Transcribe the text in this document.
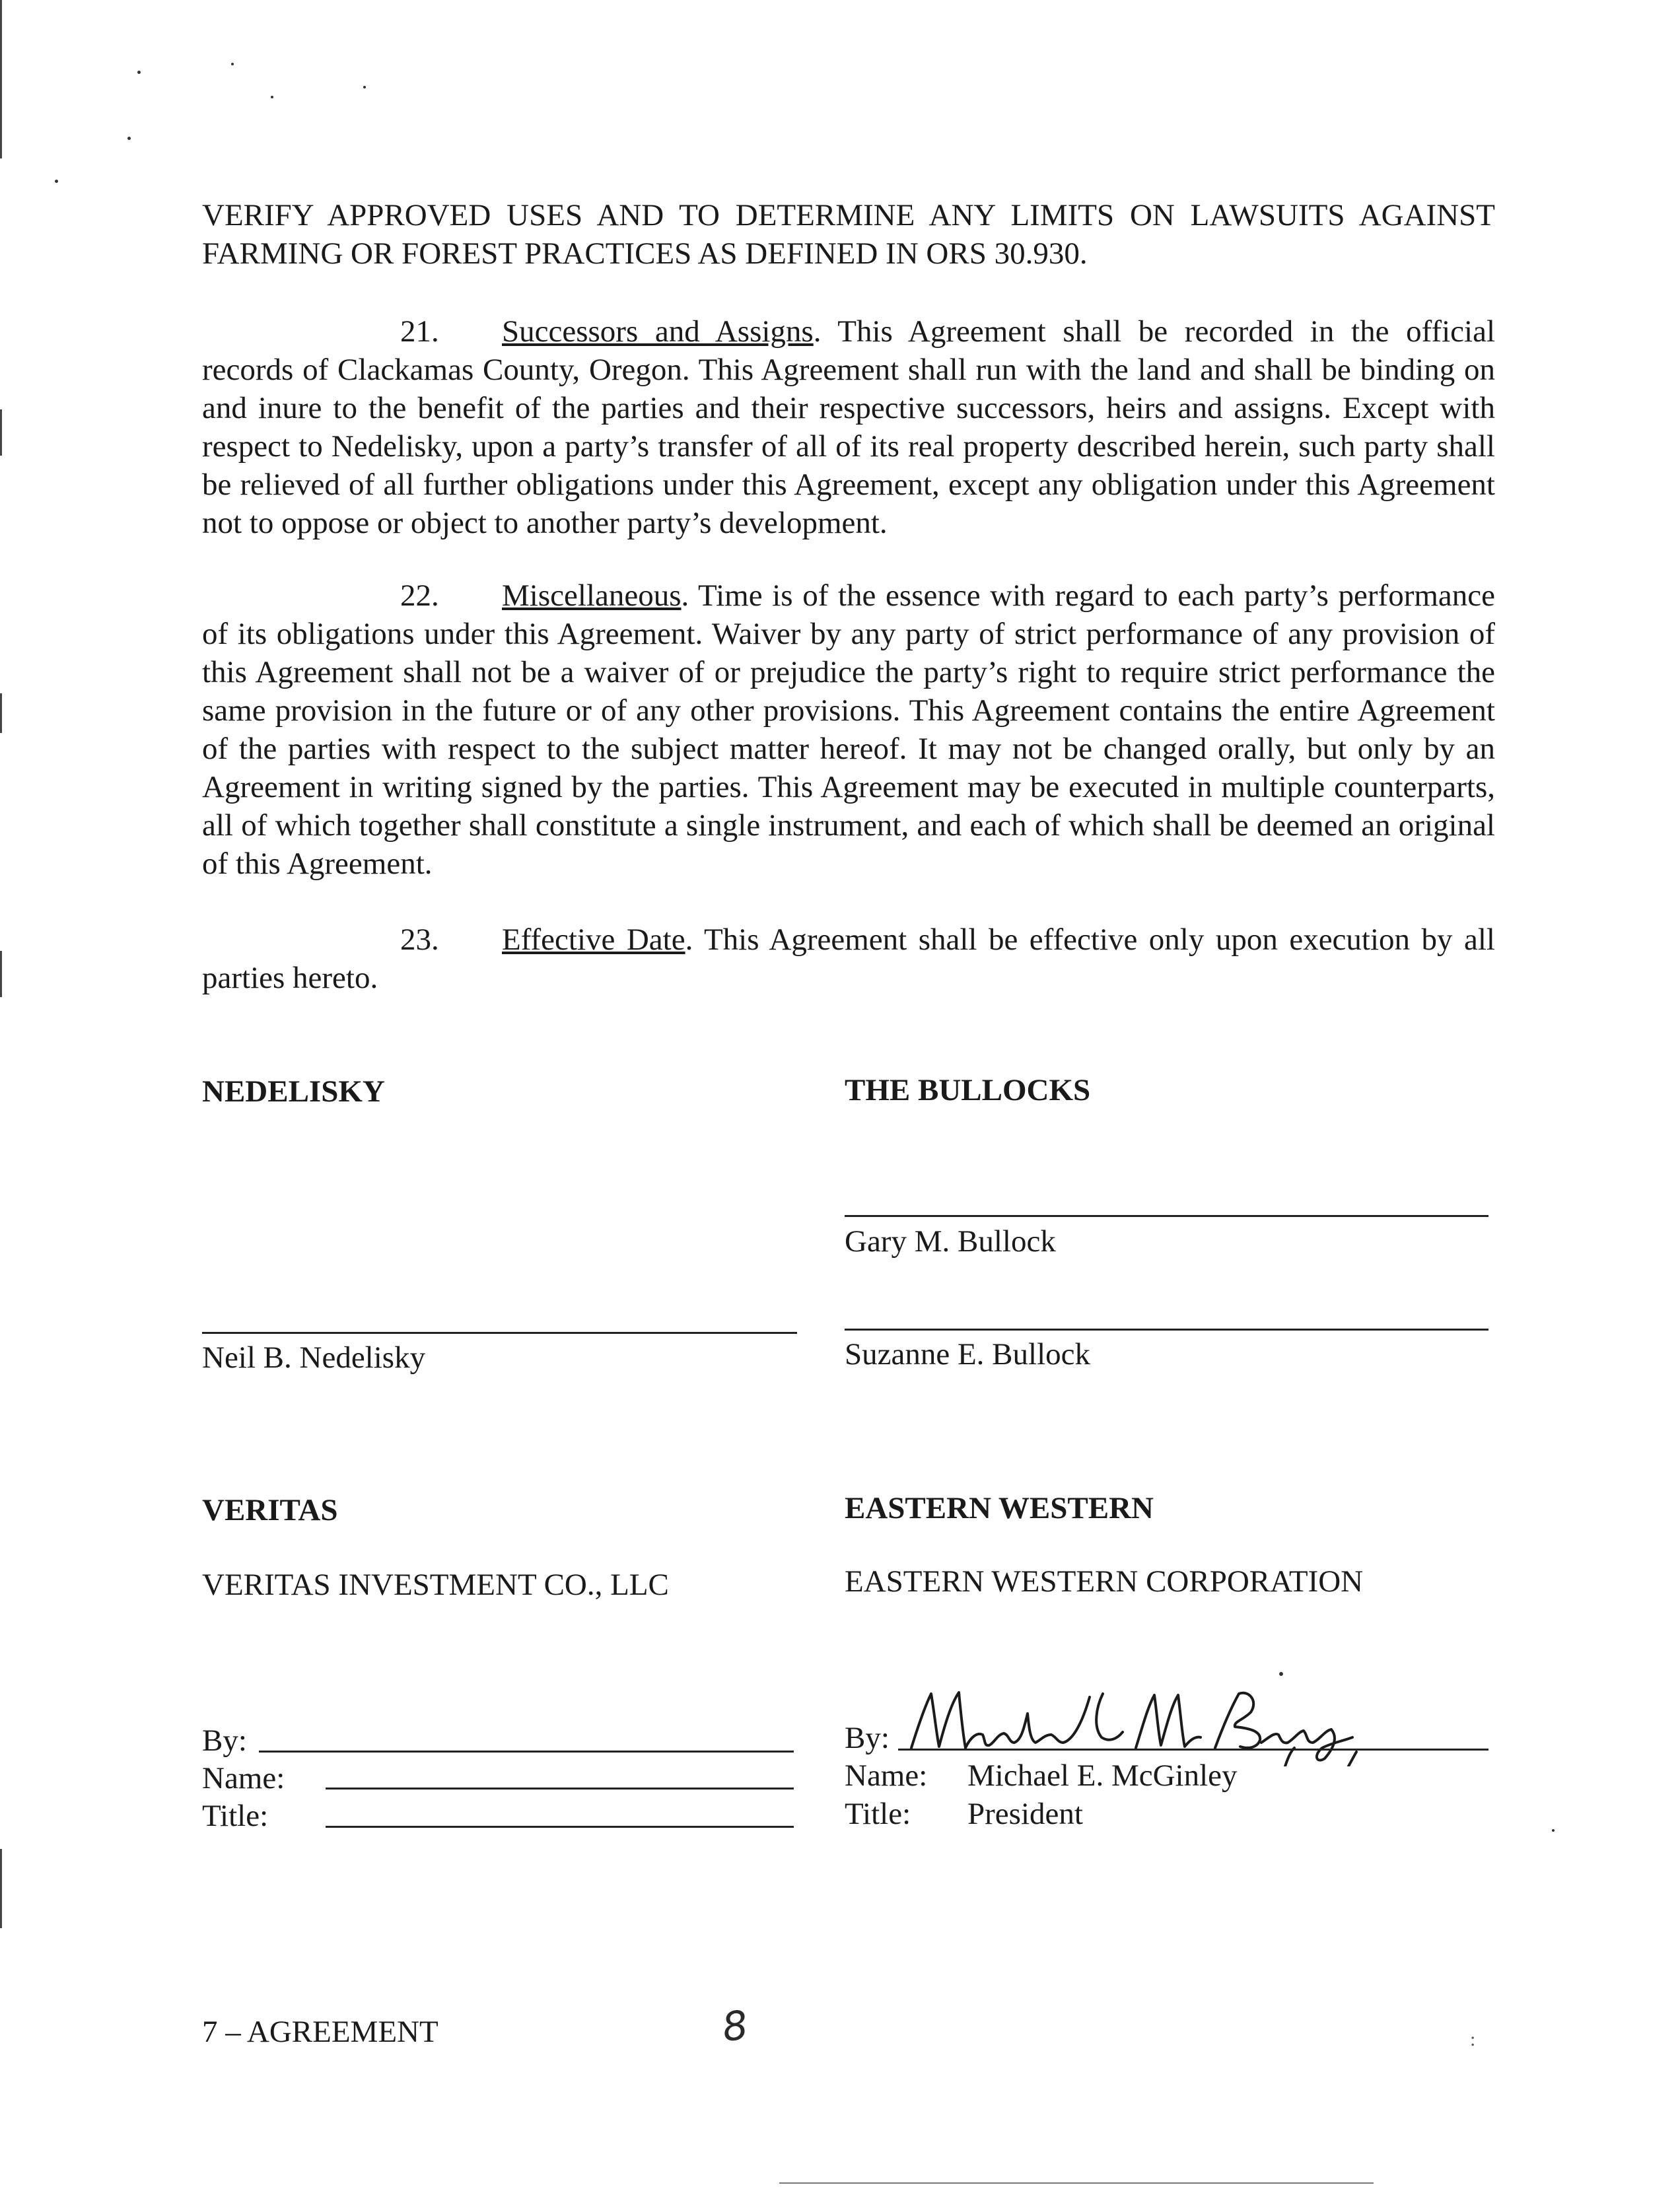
VERIFY APPROVED USES AND TO DETERMINE ANY LIMITS ON LAWSUITS AGAINST FARMING OR FOREST PRACTICES AS DEFINED IN ORS 30.930.

21. Successors and Assigns. This Agreement shall be recorded in the official records of Clackamas County, Oregon. This Agreement shall run with the land and shall be binding on and inure to the benefit of the parties and their respective successors, heirs and assigns. Except with respect to Nedelisky, upon a party’s transfer of all of its real property described herein, such party shall be relieved of all further obligations under this Agreement, except any obligation under this Agreement not to oppose or object to another party’s development.

22. Miscellaneous. Time is of the essence with regard to each party’s performance of its obligations under this Agreement. Waiver by any party of strict performance of any provision of this Agreement shall not be a waiver of or prejudice the party’s right to require strict performance the same provision in the future or of any other provisions. This Agreement contains the entire Agreement of the parties with respect to the subject matter hereof. It may not be changed orally, but only by an Agreement in writing signed by the parties. This Agreement may be executed in multiple counterparts, all of which together shall constitute a single instrument, and each of which shall be deemed an original of this Agreement.

23. Effective Date. This Agreement shall be effective only upon execution by all parties hereto.

NEDELISKY
Neil B. Nedelisky
THE BULLOCKS
Gary M. Bullock
Suzanne E. Bullock
VERITAS
VERITAS INVESTMENT CO., LLC
By:
Name:
Title:
EASTERN WESTERN
EASTERN WESTERN CORPORATION
By:
Name: Michael E. McGinley
Title: President
7 – AGREEMENT	8	:
